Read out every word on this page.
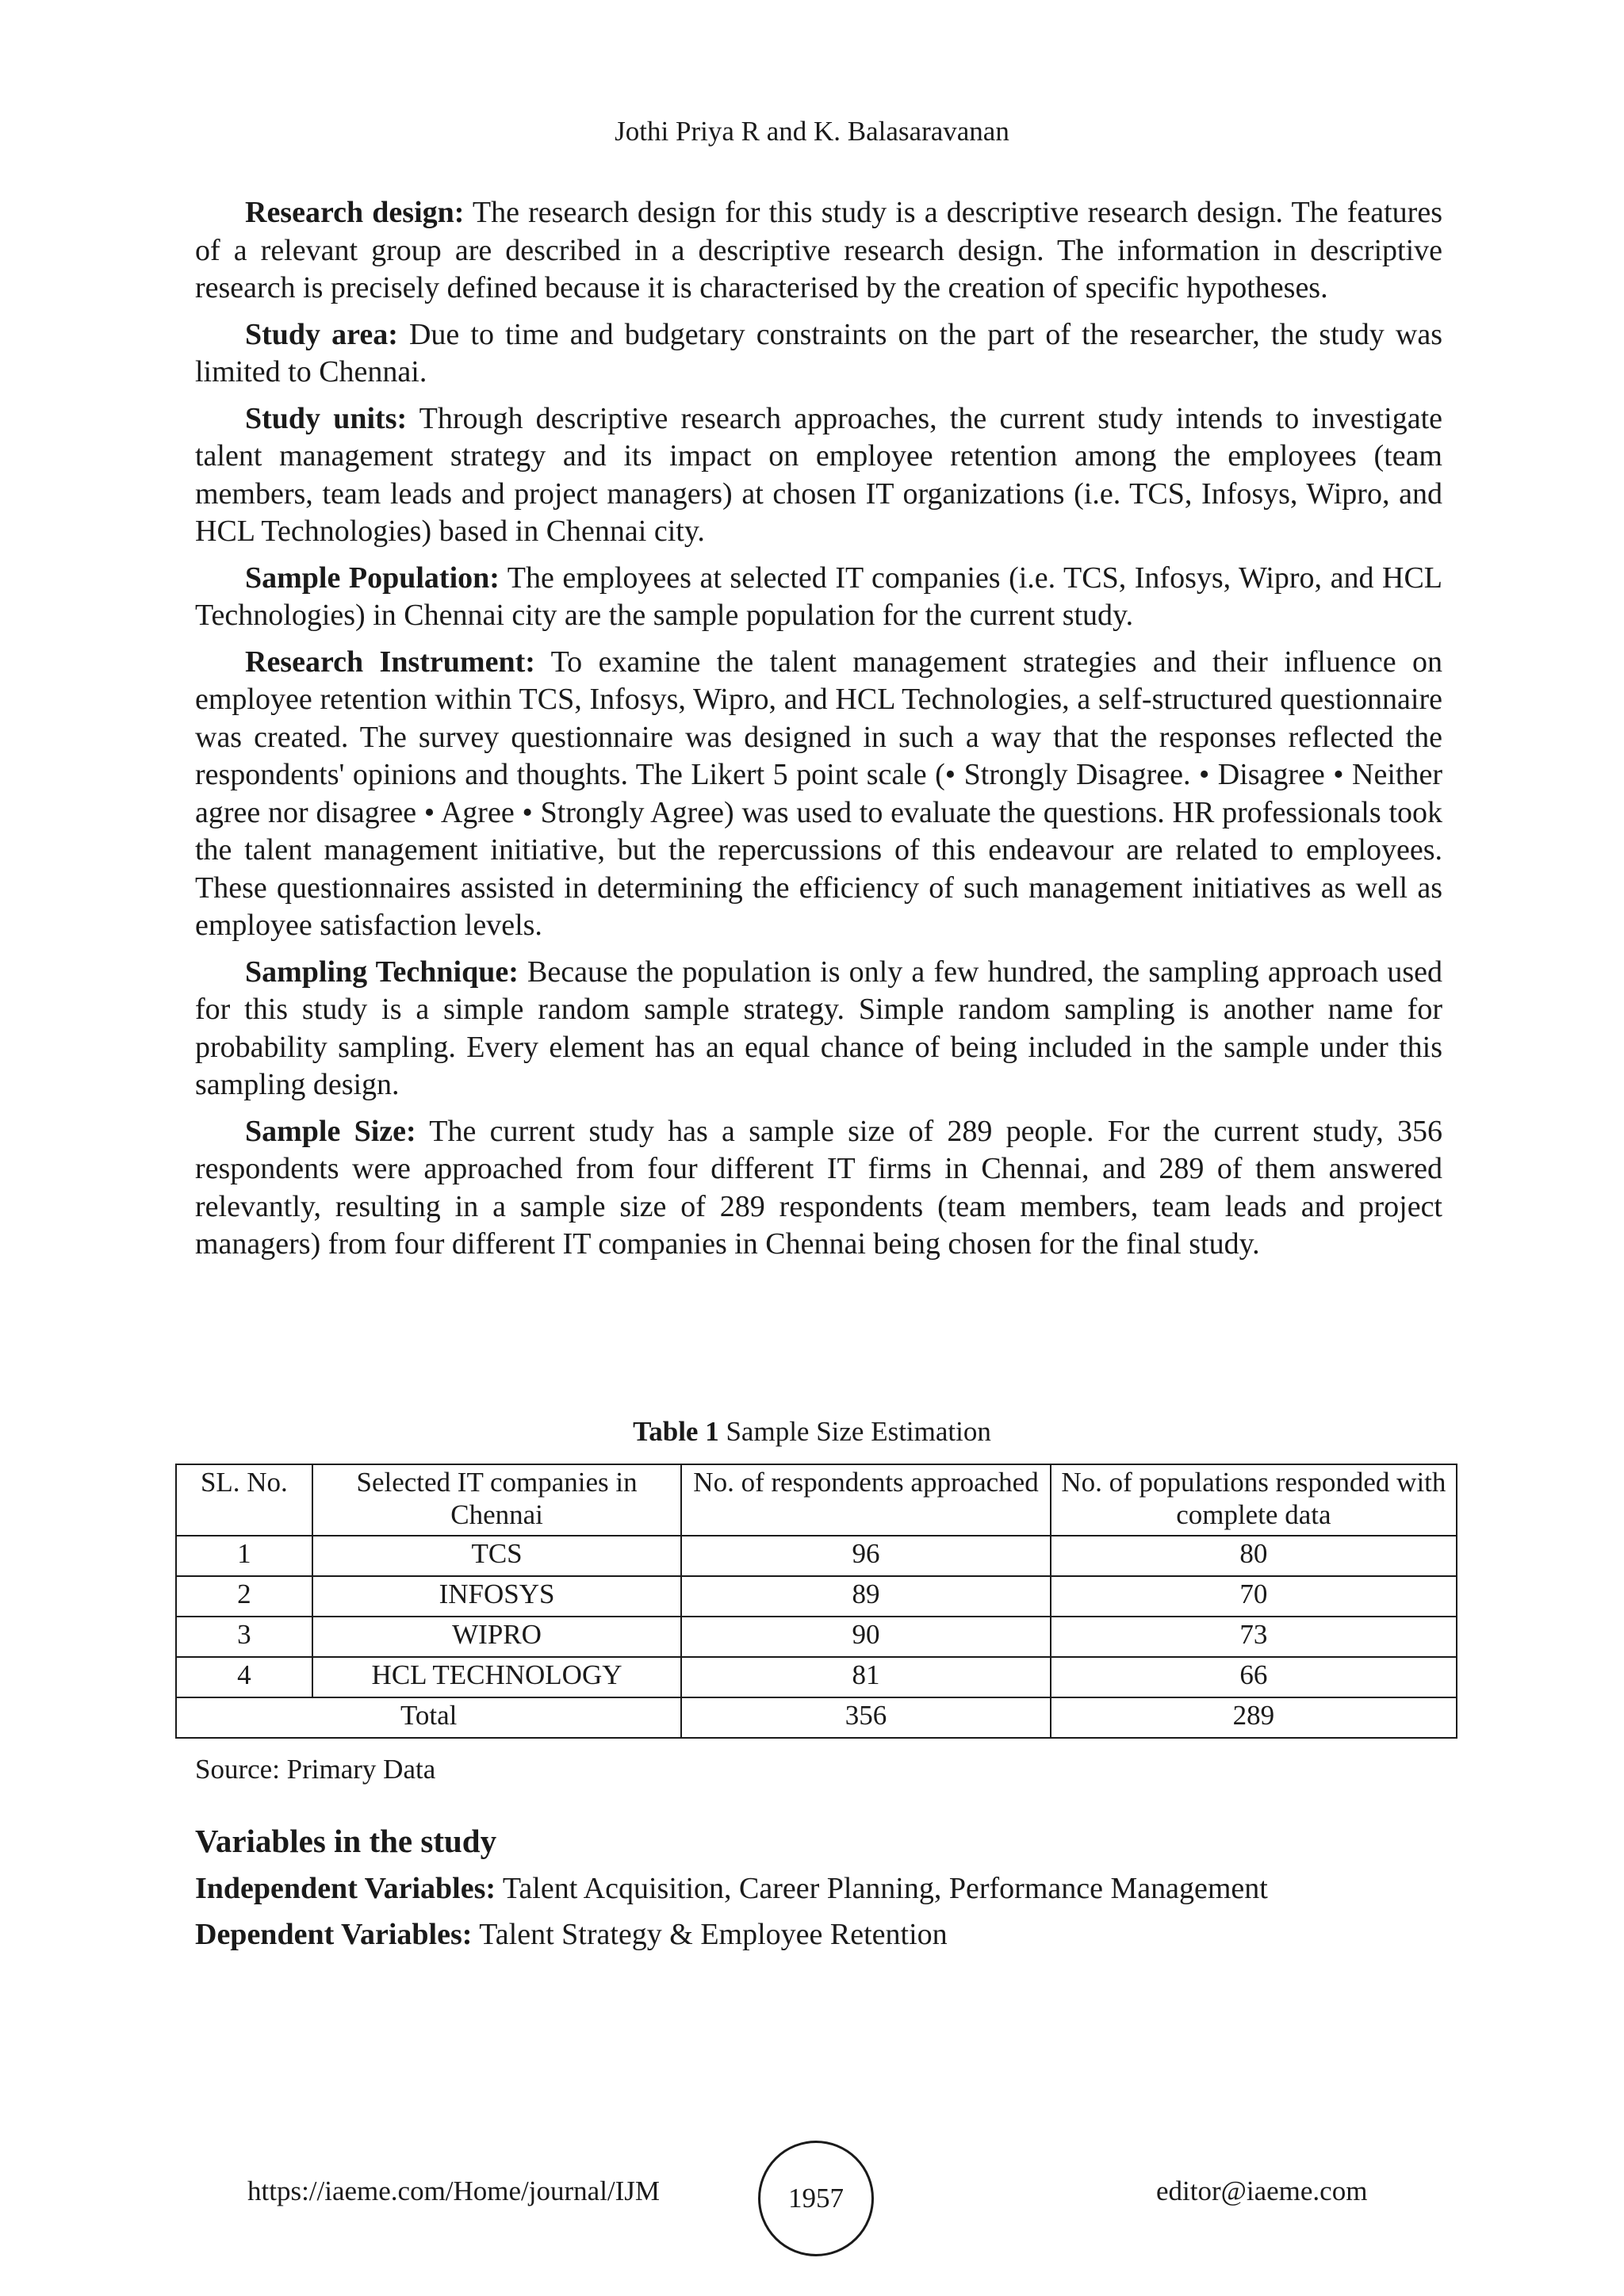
Jothi Priya R and K. Balasaravanan

Research design: The research design for this study is a descriptive research design. The features of a relevant group are described in a descriptive research design. The information in descriptive research is precisely defined because it is characterised by the creation of specific hypotheses.

Study area: Due to time and budgetary constraints on the part of the researcher, the study was limited to Chennai.

Study units: Through descriptive research approaches, the current study intends to investigate talent management strategy and its impact on employee retention among the employees (team members, team leads and project managers) at chosen IT organizations (i.e. TCS, Infosys, Wipro, and HCL Technologies) based in Chennai city.

Sample Population: The employees at selected IT companies (i.e. TCS, Infosys, Wipro, and HCL Technologies) in Chennai city are the sample population for the current study.

Research Instrument: To examine the talent management strategies and their influence on employee retention within TCS, Infosys, Wipro, and HCL Technologies, a self-structured questionnaire was created. The survey questionnaire was designed in such a way that the responses reflected the respondents' opinions and thoughts. The Likert 5 point scale (• Strongly Disagree. • Disagree • Neither agree nor disagree • Agree • Strongly Agree) was used to evaluate the questions. HR professionals took the talent management initiative, but the repercussions of this endeavour are related to employees. These questionnaires assisted in determining the efficiency of such management initiatives as well as employee satisfaction levels.

Sampling Technique: Because the population is only a few hundred, the sampling approach used for this study is a simple random sample strategy. Simple random sampling is another name for probability sampling. Every element has an equal chance of being included in the sample under this sampling design.

Sample Size: The current study has a sample size of 289 people. For the current study, 356 respondents were approached from four different IT firms in Chennai, and 289 of them answered relevantly, resulting in a sample size of 289 respondents (team members, team leads and project managers) from four different IT companies in Chennai being chosen for the final study.

Table 1 Sample Size Estimation
SL. No.	Selected IT companies in Chennai	No. of respondents approached	No. of populations responded with complete data
1	TCS	96	80
2	INFOSYS	89	70
3	WIPRO	90	73
4	HCL TECHNOLOGY	81	66
Total		356	289
Source: Primary Data
Variables in the study
Independent Variables: Talent Acquisition, Career Planning, Performance Management
Dependent Variables: Talent Strategy & Employee Retention
https://iaeme.com/Home/journal/IJM	1957	editor@iaeme.com
